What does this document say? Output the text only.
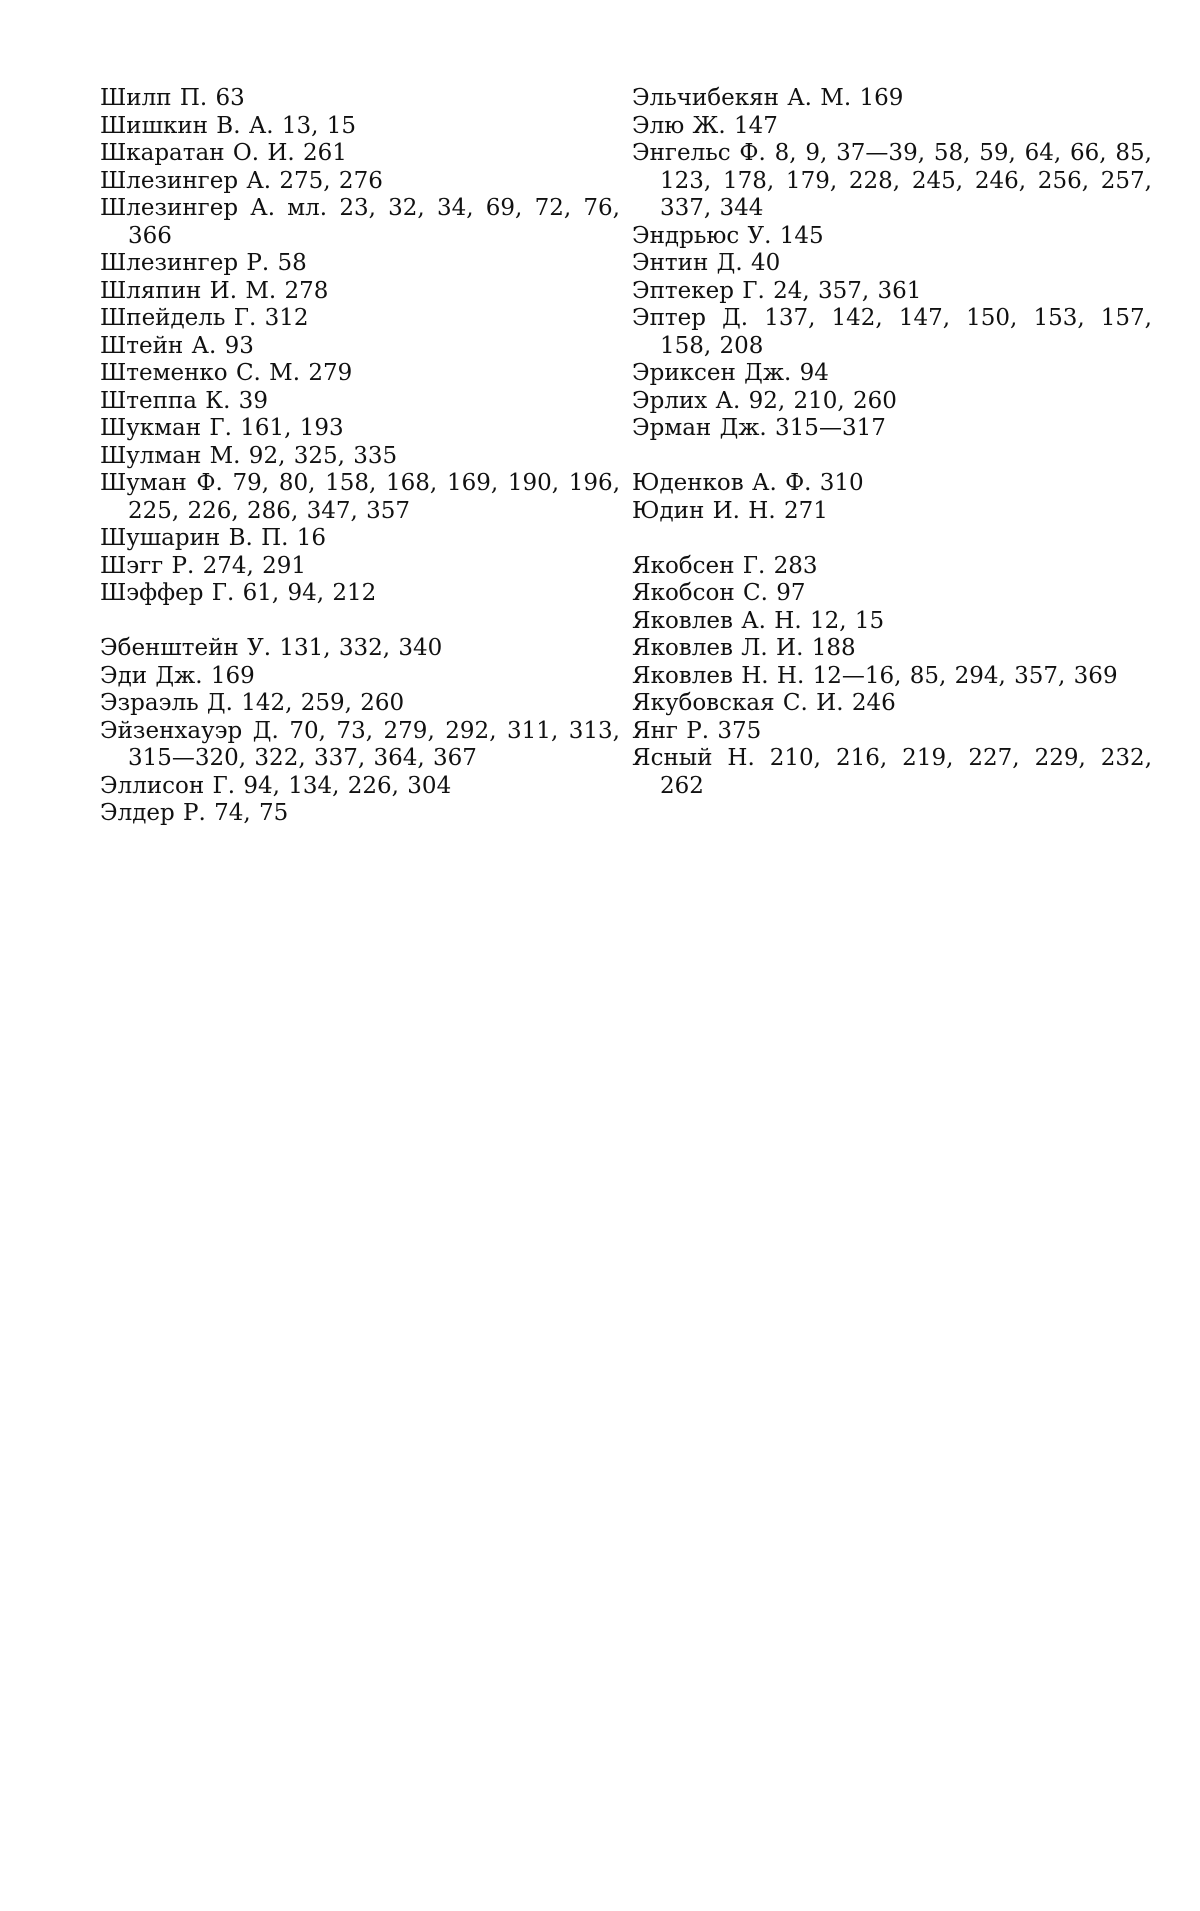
Шилп П. 63

Шишкин В. А. 13, 15

Шкаратан О. И. 261

Шлезингер А. 275, 276

Шлезингер А. мл. 23, 32, 34, 69, 72, 76, 366

Шлезингер Р. 58

Шляпин И. М. 278

Шпейдель Г. 312

Штейн А. 93

Штеменко С. М. 279

Штеппа К. 39

Шукман Г. 161, 193

Шулман М. 92, 325, 335

Шуман Ф. 79, 80, 158, 168, 169, 190, 196, 225, 226, 286, 347, 357

Шушарин В. П. 16

Шэгг Р. 274, 291

Шэффер Г. 61, 94, 212

Эбенштейн У. 131, 332, 340

Эди Дж. 169

Эзраэль Д. 142, 259, 260

Эйзенхауэр Д. 70, 73, 279, 292, 311, 313, 315—320, 322, 337, 364, 367

Эллисон Г. 94, 134, 226, 304

Элдер Р. 74, 75

Эльчибекян А. М. 169

Элю Ж. 147

Энгельс Ф. 8, 9, 37—39, 58, 59, 64, 66, 85, 123, 178, 179, 228, 245, 246, 256, 257, 337, 344

Эндрьюс У. 145

Энтин Д. 40

Эптекер Г. 24, 357, 361

Эптер Д. 137, 142, 147, 150, 153, 157, 158, 208

Эриксен Дж. 94

Эрлих А. 92, 210, 260

Эрман Дж. 315—317

Юденков А. Ф. 310

Юдин И. Н. 271

Якобсен Г. 283

Якобсон С. 97

Яковлев А. Н. 12, 15

Яковлев Л. И. 188

Яковлев Н. Н. 12—16, 85, 294, 357, 369

Якубовская С. И. 246

Янг Р. 375

Ясный Н. 210, 216, 219, 227, 229, 232, 262
